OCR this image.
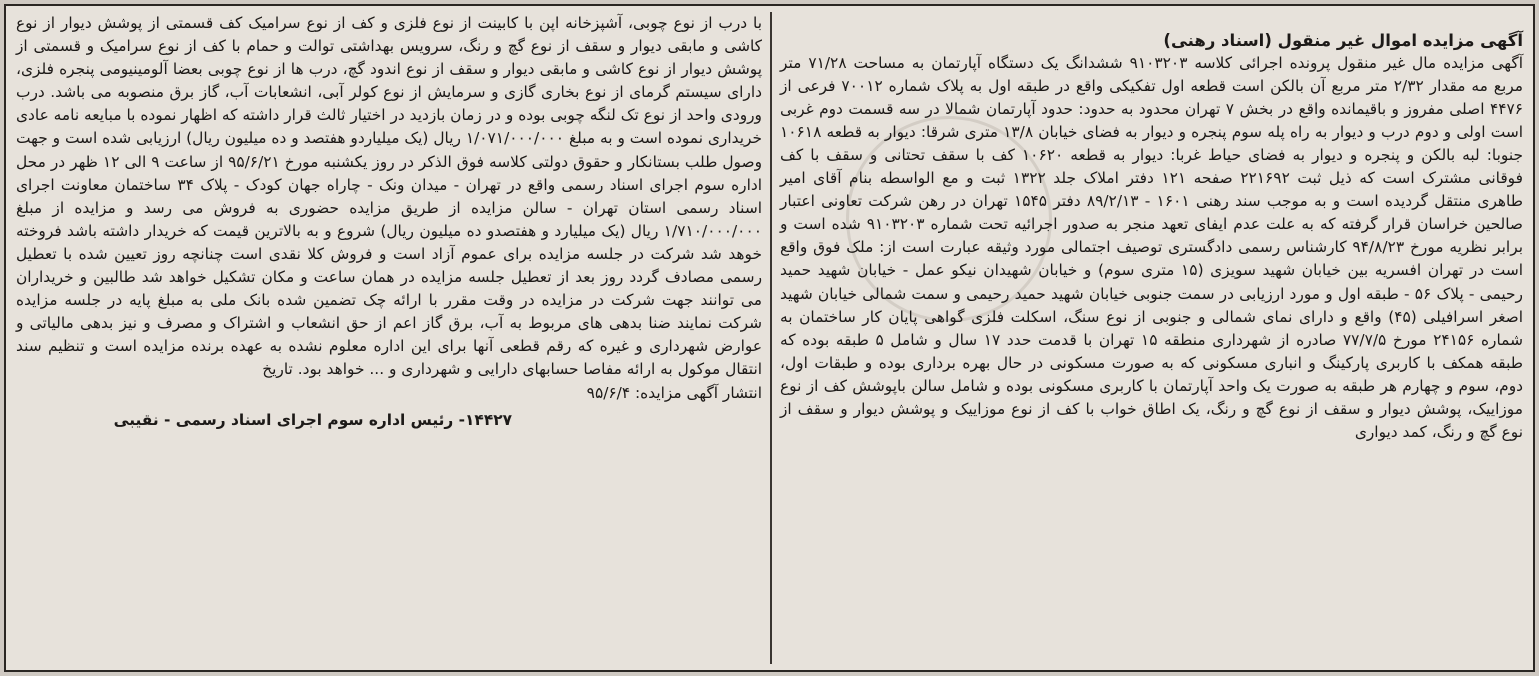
آگهی مزایده اموال غیر منقول (اسناد رهنی)

آگهی مزایده مال غیر منقول پرونده اجرائی کلاسه ۹۱۰۳۲۰۳ ششدانگ یک دستگاه آپارتمان به مساحت ۷۱/۲۸ متر مربع مه مقدار ۲/۳۲ متر مربع آن بالکن است قطعه اول تفکیکی واقع در طبقه اول به پلاک شماره ۷۰۰۱۲ فرعی از ۴۴۷۶ اصلی مفروز و باقیمانده واقع در بخش ۷ تهران محدود به حدود: حدود آپارتمان شمالا در سه قسمت دوم غربی است اولی و دوم درب و دیوار به راه پله سوم پنجره و دیوار به فضای خیابان ۱۳/۸ متری شرقا: دیوار به قطعه ۱۰۶۱۸ جنوبا: لبه بالکن و پنجره و دیوار به فضای حیاط غربا: دیوار به قطعه ۱۰۶۲۰ کف با سقف تحتانی و سقف با کف فوقانی مشترک است که ذیل ثبت ۲۲۱۶۹۲ صفحه ۱۲۱ دفتر املاک جلد ۱۳۲۲ ثبت و مع الواسطه بنام آقای امیر طاهری منتقل گردیده است و به موجب سند رهنی ۱۶۰۱ - ۸۹/۲/۱۳ دفتر ۱۵۴۵ تهران در رهن شرکت تعاونی اعتبار صالحین خراسان قرار گرفته که به علت عدم ایفای تعهد منجر به صدور اجرائیه تحت شماره ۹۱۰۳۲۰۳ شده است و برابر نظریه مورخ ۹۴/۸/۲۳ کارشناس رسمی دادگستری توصیف اجتمالی مورد وثیقه عبارت است از: ملک فوق واقع است در تهران افسریه بین خیابان شهید سویزی (۱۵ متری سوم) و خیابان شهیدان نیکو عمل - خیابان شهید حمید رحیمی - پلاک ۵۶ - طبقه اول و مورد ارزیابی در سمت جنوبی خیابان شهید حمید رحیمی و سمت شمالی خیابان شهید اصغر اسرافیلی (۴۵) واقع و دارای نمای شمالی و جنوبی از نوع سنگ، اسکلت فلزی گواهی پایان کار ساختمان به شماره ۲۴۱۵۶ مورخ ۷۷/۷/۵ صادره از شهرداری منطقه ۱۵ تهران با قدمت حدد ۱۷ سال و شامل ۵ طبقه بوده که طبقه همکف با کاربری پارکینگ و انباری مسکونی که به صورت مسکونی در حال بهره برداری بوده و طبقات اول، دوم، سوم و چهارم هر طبقه به صورت یک واحد آپارتمان با کاربری مسکونی بوده و شامل سالن باپوشش کف از نوع موزاییک، پوشش دیوار و سقف از نوع گچ و رنگ، یک اطاق خواب با کف از نوع موزاییک و پوشش دیوار و سقف از نوع گچ و رنگ، کمد دیواری

با درب از نوع چوبی، آشپزخانه اپن با کابینت از نوع فلزی و کف از نوع سرامیک کف قسمتی از پوشش دیوار از نوع کاشی و مابقی دیوار و سقف از نوع گچ و رنگ، سرویس بهداشتی توالت و حمام با کف از نوع سرامیک و قسمتی از پوشش دیوار از نوع کاشی و مابقی دیوار و سقف از نوع اندود گچ، درب ها از نوع چوبی بعضا آلومینیومی پنجره فلزی، دارای سیستم گرمای از نوع بخاری گازی و سرمایش از نوع کولر آبی، انشعابات آب، گاز برق منصوبه می باشد. درب ورودی واحد از نوع تک لنگه چوبی بوده و در زمان بازدید در اختیار ثالث قرار داشته که اظهار نموده با مبایعه نامه عادی خریداری نموده است و به مبلغ ۱/۰۷۱/۰۰۰/۰۰۰ ریال (یک میلیاردو هفتصد و ده میلیون ریال) ارزیابی شده است و جهت وصول طلب بستانکار و حقوق دولتی کلاسه فوق الذکر در روز یکشنبه مورخ ۹۵/۶/۲۱ از ساعت ۹ الی ۱۲ ظهر در محل اداره سوم اجرای اسناد رسمی واقع در تهران - میدان ونک - چاراه جهان کودک - پلاک ۳۴ ساختمان معاونت اجرای اسناد رسمی استان تهران - سالن مزایده از طریق مزایده حضوری به فروش می رسد و مزایده از مبلغ ۱/۷۱۰/۰۰۰/۰۰۰ ریال (یک میلیارد و هفتصدو ده میلیون ریال) شروع و به بالاترین قیمت که خریدار داشته باشد فروخته خوهد شد شرکت در جلسه مزایده برای عموم آزاد است و فروش کلا نقدی است چنانچه روز تعیین شده با تعطیل رسمی مصادف گردد روز بعد از تعطیل جلسه مزایده در همان ساعت و مکان تشکیل خواهد شد طالبین و خریداران می توانند جهت شرکت در مزایده در وقت مقرر با ارائه چک تضمین شده بانک ملی به مبلغ پایه در جلسه مزایده شرکت نمایند ضنا بدهی های مربوط به آب، برق گاز اعم از حق انشعاب و اشتراک و مصرف و نیز بدهی مالیاتی و عوارض شهرداری و غیره که رقم قطعی آنها برای این اداره معلوم نشده به عهده برنده مزایده است و تنظیم سند انتقال موکول به ارائه مفاصا حسابهای دارایی و شهرداری و ... خواهد بود. تاریخ

انتشار آگهی مزایده: ۹۵/۶/۴

۱۴۴۲۷- رئیس اداره سوم اجرای اسناد رسمی - نقیبی
